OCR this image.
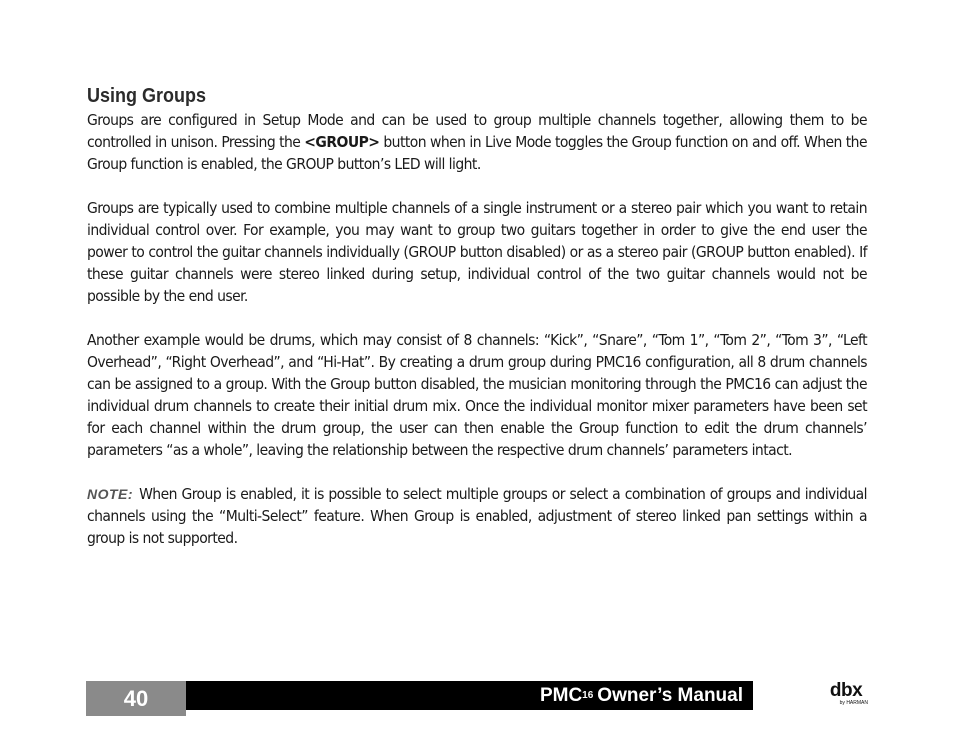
Using Groups

Groups are configured in Setup Mode and can be used to group multiple channels together, allowing them to be controlled in unison. Pressing the <GROUP> button when in Live Mode toggles the Group function on and off. When the Group function is enabled, the GROUP button’s LED will light.

Groups are typically used to combine multiple channels of a single instrument or a stereo pair which you want to retain individual control over. For example, you may want to group two guitars together in order to give the end user the power to control the guitar channels individually (GROUP button disabled) or as a stereo pair (GROUP button enabled). If these guitar channels were stereo linked during setup, individual control of the two guitar channels would not be possible by the end user.

Another example would be drums, which may consist of 8 channels: “Kick”, “Snare”, “Tom 1”, “Tom 2”, “Tom 3”, “Left Overhead”, “Right Overhead”, and “Hi-Hat”. By creating a drum group during PMC16 configuration, all 8 drum channels can be assigned to a group. With the Group button disabled, the musician monitoring through the PMC16 can adjust the individual drum channels to create their initial drum mix. Once the individual monitor mixer parameters have been set for each channel within the drum group, the user can then enable the Group function to edit the drum channels’ parameters “as a whole”, leaving the relationship between the respective drum channels’ parameters intact.

NOTE: When Group is enabled, it is possible to select multiple groups or select a combination of groups and individual channels using the “Multi-Select” feature. When Group is enabled, adjustment of stereo linked pan settings within a group is not supported.

40	PMC 16 Owner’s Manual	dbx
by HARMAN
